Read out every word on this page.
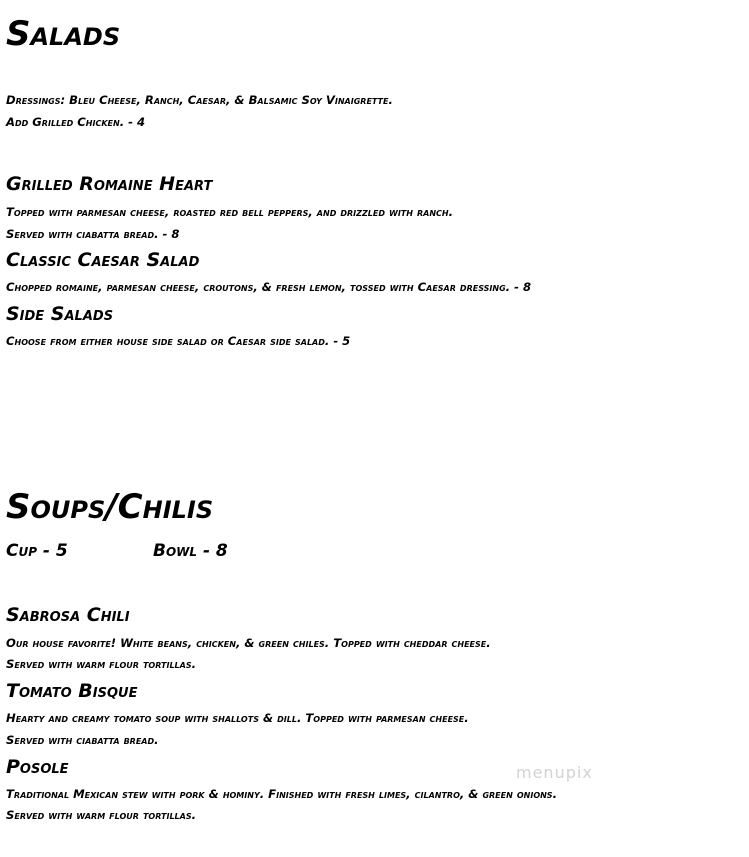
Salads
Dressings: Bleu Cheese, Ranch, Caesar, & Balsamic Soy Vinaigrette.
Add Grilled Chicken. - 4
Grilled Romaine Heart
Topped with parmesan cheese, roasted red bell peppers, and drizzled with ranch.
Served with ciabatta bread. - 8
Classic Caesar Salad
Chopped romaine, parmesan cheese, croutons, & fresh lemon, tossed with Caesar dressing. - 8
Side Salads
Choose from either house side salad or Caesar side salad. - 5
Soups/Chilis
Cup - 5	Bowl - 8
Sabrosa Chili
Our house favorite! White beans, chicken, & green chiles. Topped with cheddar cheese.
Served with warm flour tortillas.
Tomato Bisque
Hearty and creamy tomato soup with shallots & dill. Topped with parmesan cheese.
Served with ciabatta bread.
Posole
Traditional Mexican stew with pork & hominy. Finished with fresh limes, cilantro, & green onions.
Served with warm flour tortillas.
menupix
